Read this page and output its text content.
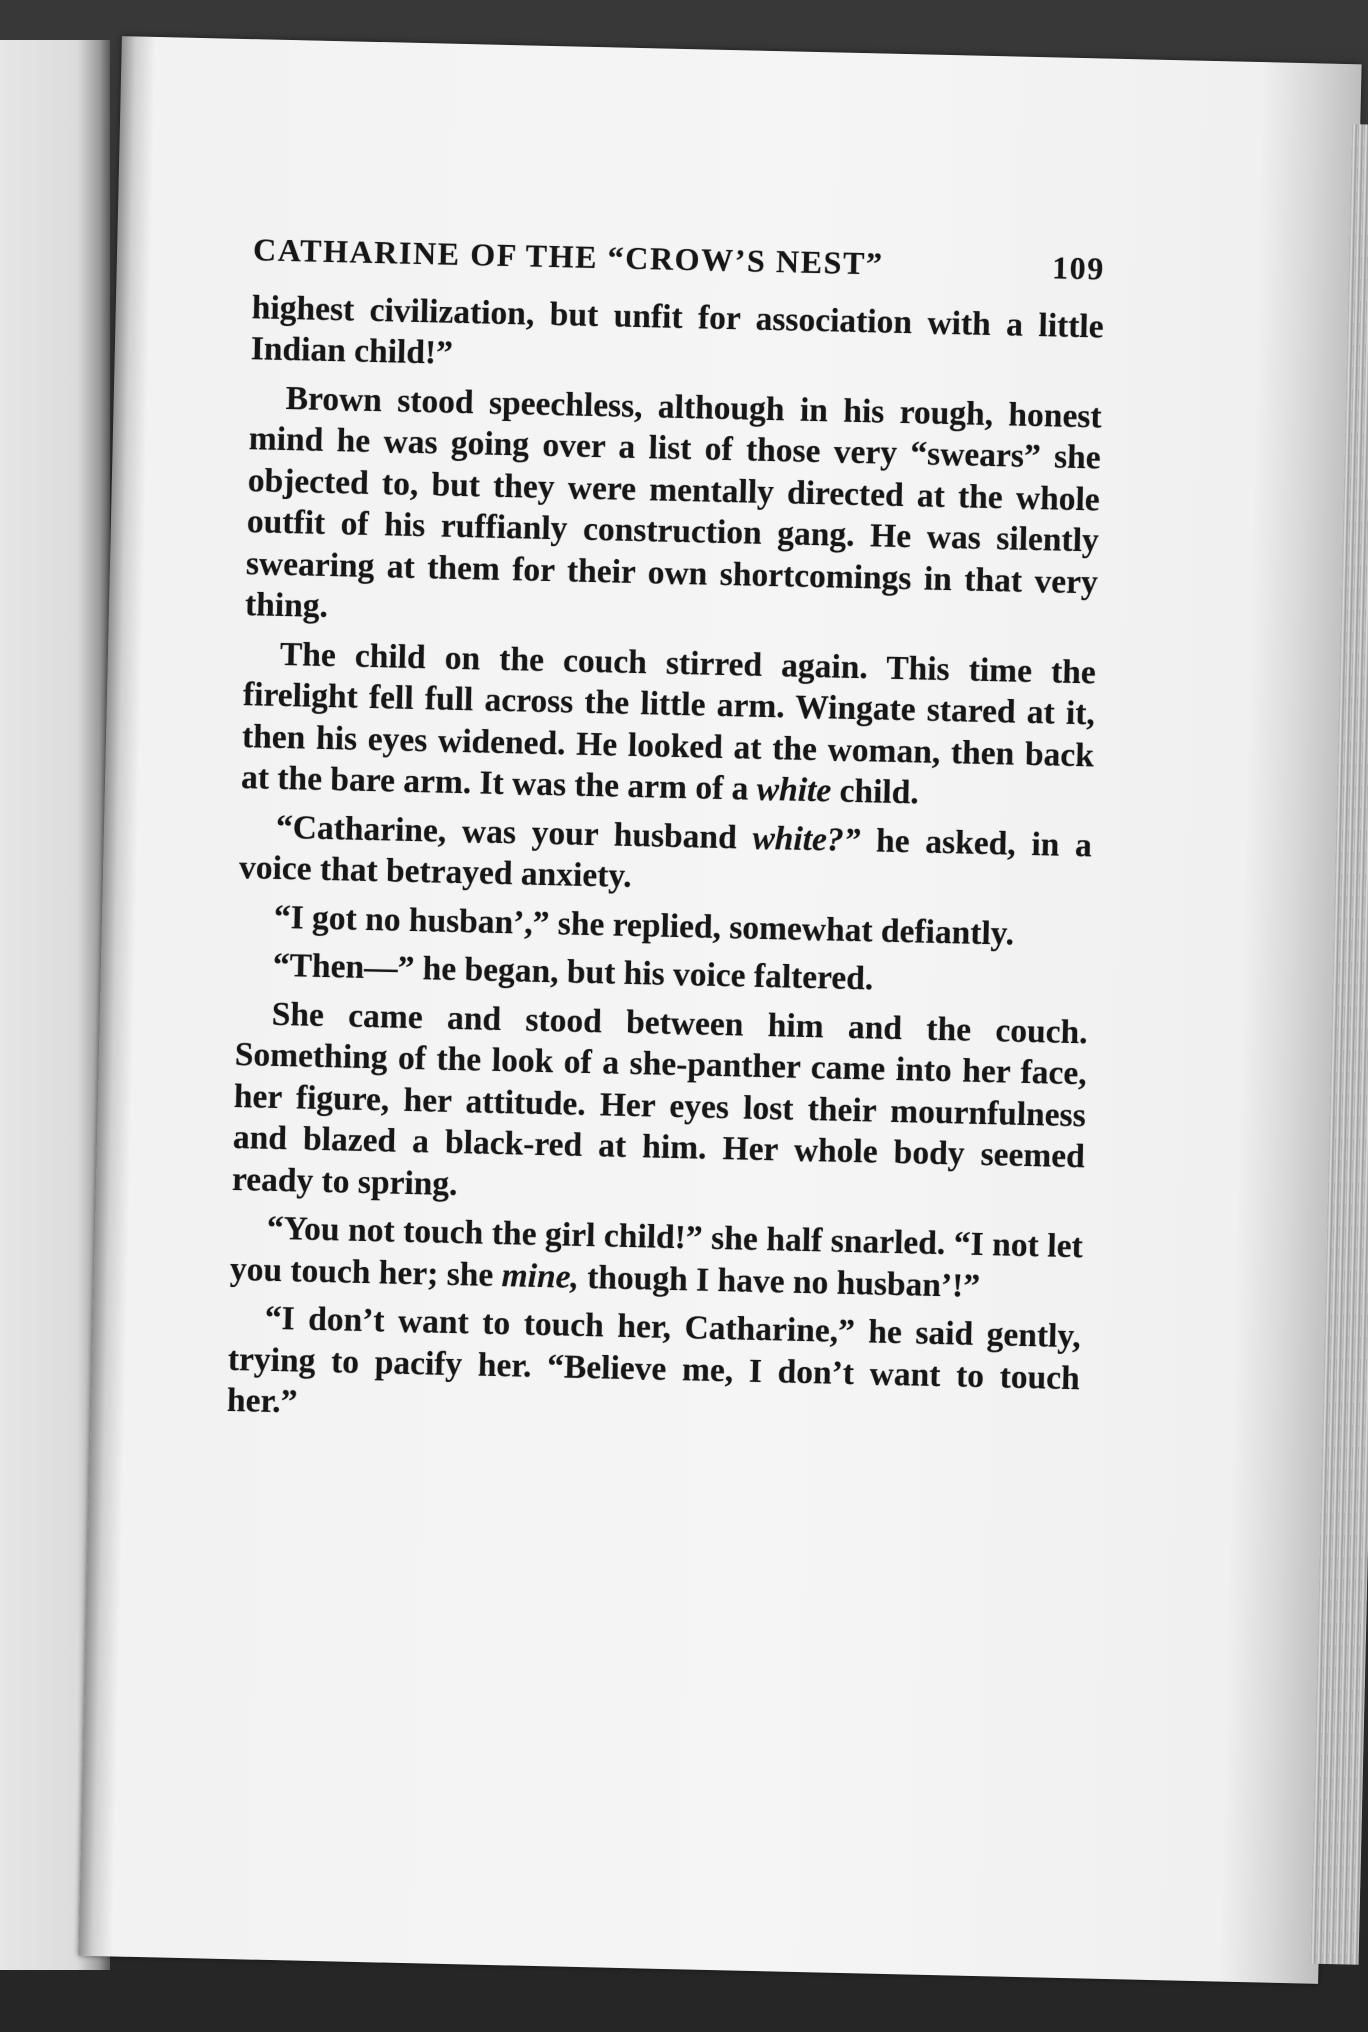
CATHARINE OF THE “CROW’S NEST”	109

highest civilization, but unfit for association with a little Indian child!”

Brown stood speechless, although in his rough, honest mind he was going over a list of those very “swears” she objected to, but they were mentally directed at the whole outfit of his ruffianly construction gang. He was silently swearing at them for their own shortcomings in that very thing.

The child on the couch stirred again. This time the firelight fell full across the little arm. Wingate stared at it, then his eyes widened. He looked at the woman, then back at the bare arm. It was the arm of a white child.

“Catharine, was your husband white?” he asked, in a voice that betrayed anxiety.

“I got no husban’,” she replied, somewhat defiantly.

“Then—” he began, but his voice faltered.

She came and stood between him and the couch. Something of the look of a she-panther came into her face, her figure, her attitude. Her eyes lost their mournfulness and blazed a black-red at him. Her whole body seemed ready to spring.

“You not touch the girl child!” she half snarled. “I not let you touch her; she mine, though I have no husban’!”

“I don’t want to touch her, Catharine,” he said gently, trying to pacify her. “Believe me, I don’t want to touch her.”
